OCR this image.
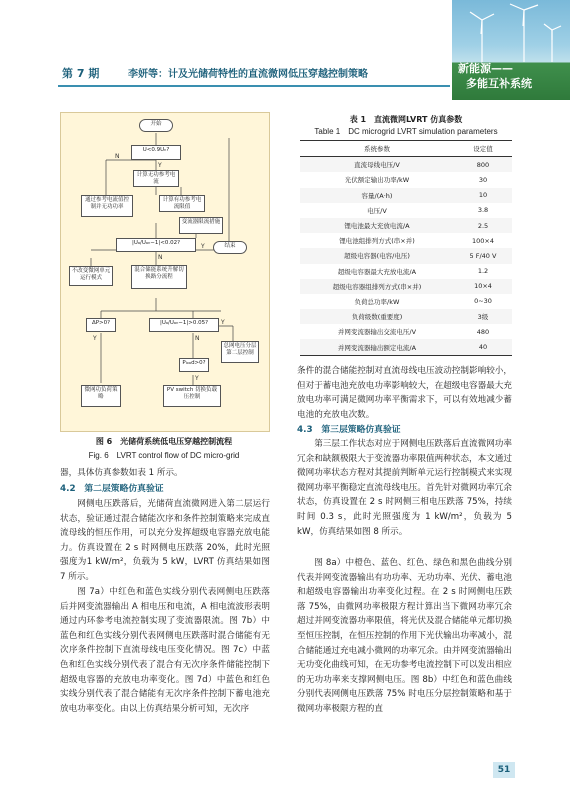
第 7 期	李妍等：计及光储荷特性的直流微网低压穿越控制策略	新能源——
多能互补系统
开始
U<0.9Uₙ?
计算无功参考电流
通过参考电流值控制并无功功率
计算有功参考电流限值
变流器限流措施
|Uₐ/Uₐₙ−1|<0.02?	结束
不改变微网单元运行模式
混合储能系统升解切换路分流程
ΔP>0?	|Uₐ/Uₐₙ−1|>0.05?
总网电压分层第二层控制
Pₗₒₐd>0?
微网功负荷策略
PV switch 切换负载压控制
Y
N
N
Y
Y	N
Y
Y
图 6　光储荷系统低电压穿越控制流程
Fig. 6　LVRT control flow of DC micro-grid
表 1　直流微网LVRT 仿真参数
Table 1　DC microgrid LVRT simulation parameters
系统参数	设定值
直流母线电压/V	800
光伏额定输出功率/kW	30
容量/(A·h)	10
电压/V	3.8
锂电池最大充放电流/A	2.5
锂电池组排列方式(串×并)	100×4
超级电容器(电容/电压)	5 F/40 V
超级电容器最大充放电流/A	1.2
超级电容器组排列方式(串×并)	10×4
负荷总功率/kW	0~30
负荷级数(重要度)	3级
并网变流器输出交流电压/V	480
并网变流器输出额定电流/A	40
器，具体仿真参数如表 1 所示。
4.2　第二层策略仿真验证
网侧电压跌落后，光储荷直流微网进入第二层运行状态，验证通过混合储能次序和条件控制策略来完成直流母线的恒压作用，可以充分发挥超级电容器充放电能力。仿真设置在 2 s 时网侧电压跌落 20%，此时光照强度为1 kW/m²，负载为 5 kW，LVRT 仿真结果如图 7 所示。
图 7a）中红色和蓝色实线分别代表网侧电压跌落后并网变流器输出 A 相电压和电流，A 相电流波形表明通过内环参考电流控制实现了变流器限流。图 7b）中蓝色和红色实线分别代表网侧电压跌落时混合储能有无次序条件控制下直流母线电压变化情况。图 7c）中蓝色和红色实线分别代表了混合有无次序条件储能控制下超级电容器的充放电功率变化。图 7d）中蓝色和红色实线分别代表了混合储能有无次序条件控制下蓄电池充放电功率变化。由以上仿真结果分析可知，无次序
条件的混合储能控制对直流母线电压波动控制影响较小，但对于蓄电池充放电功率影响较大，在超级电容器最大充放电功率可满足微网功率平衡需求下，可以有效地减少蓄电池的充放电次数。
4.3　第三层策略仿真验证
第三层工作状态对应于网侧电压跌落后直流微网功率冗余和缺额极限大于变流器功率限值两种状态，本文通过微网功率状态方程对其提前判断单元运行控制模式来实现微网功率平衡稳定直流母线电压。首先针对微网功率冗余状态，仿真设置在 2 s 时网侧三相电压跌落 75%，持续时间 0.3 s，此时光照强度为 1 kW/m²，负载为 5 kW，仿真结果如图 8 所示。
图 8a）中橙色、蓝色、红色、绿色和黑色曲线分别代表并网变流器输出有功功率、无功功率、光伏、蓄电池和超级电容器输出功率变化过程。在 2 s 时网侧电压跌落 75%，由微网功率极限方程计算出当下微网功率冗余超过并网变流器功率限值，将光伏及混合储能单元都切换至恒压控制，在恒压控制的作用下光伏输出功率减小，混合储能通过充电减小微网的功率冗余。由并网变流器输出无功变化曲线可知，在无功参考电流控制下可以发出相应的无功功率来支撑网侧电压。图 8b）中红色和蓝色曲线分别代表网侧电压跌落 75% 时电压分层控制策略和基于微网功率极限方程的直
51
